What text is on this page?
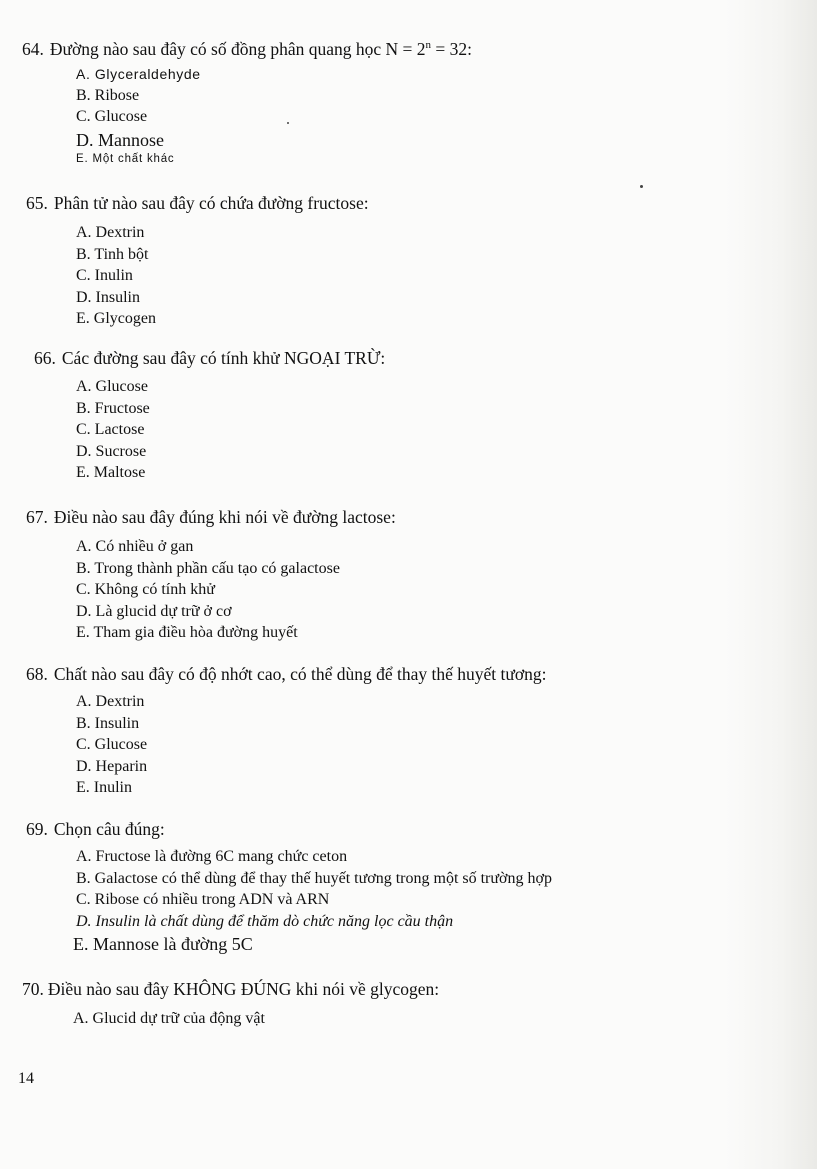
64. Đường nào sau đây có số đồng phân quang học $N = 2^n = 32$:
A. Glyceraldehyde
B. Ribose
C. Glucose
D. Mannose
E. Một chất khác
65. Phân tử nào sau đây có chứa đường fructose:
A. Dextrin
B. Tinh bột
C. Inulin
D. Insulin
E. Glycogen
66. Các đường sau đây có tính khử NGOẠI TRỪ:
A. Glucose
B. Fructose
C. Lactose
D. Sucrose
E. Maltose
67. Điều nào sau đây đúng khi nói về đường lactose:
A. Có nhiều ở gan
B. Trong thành phần cấu tạo có galactose
C. Không có tính khử
D. Là glucid dự trữ ở cơ
E. Tham gia điều hòa đường huyết
68. Chất nào sau đây có độ nhớt cao, có thể dùng để thay thế huyết tương:
A. Dextrin
B. Insulin
C. Glucose
D. Heparin
E. Inulin
69. Chọn câu đúng:
A. Fructose là đường 6C mang chức ceton
B. Galactose có thể dùng để thay thế huyết tương trong một số trường hợp
C. Ribose có nhiều trong ADN và ARN
D. Insulin là chất dùng để thăm dò chức năng lọc cầu thận
E. Mannose là đường 5C
70. Điều nào sau đây KHÔNG ĐÚNG khi nói về glycogen:
A. Glucid dự trữ của động vật
14
